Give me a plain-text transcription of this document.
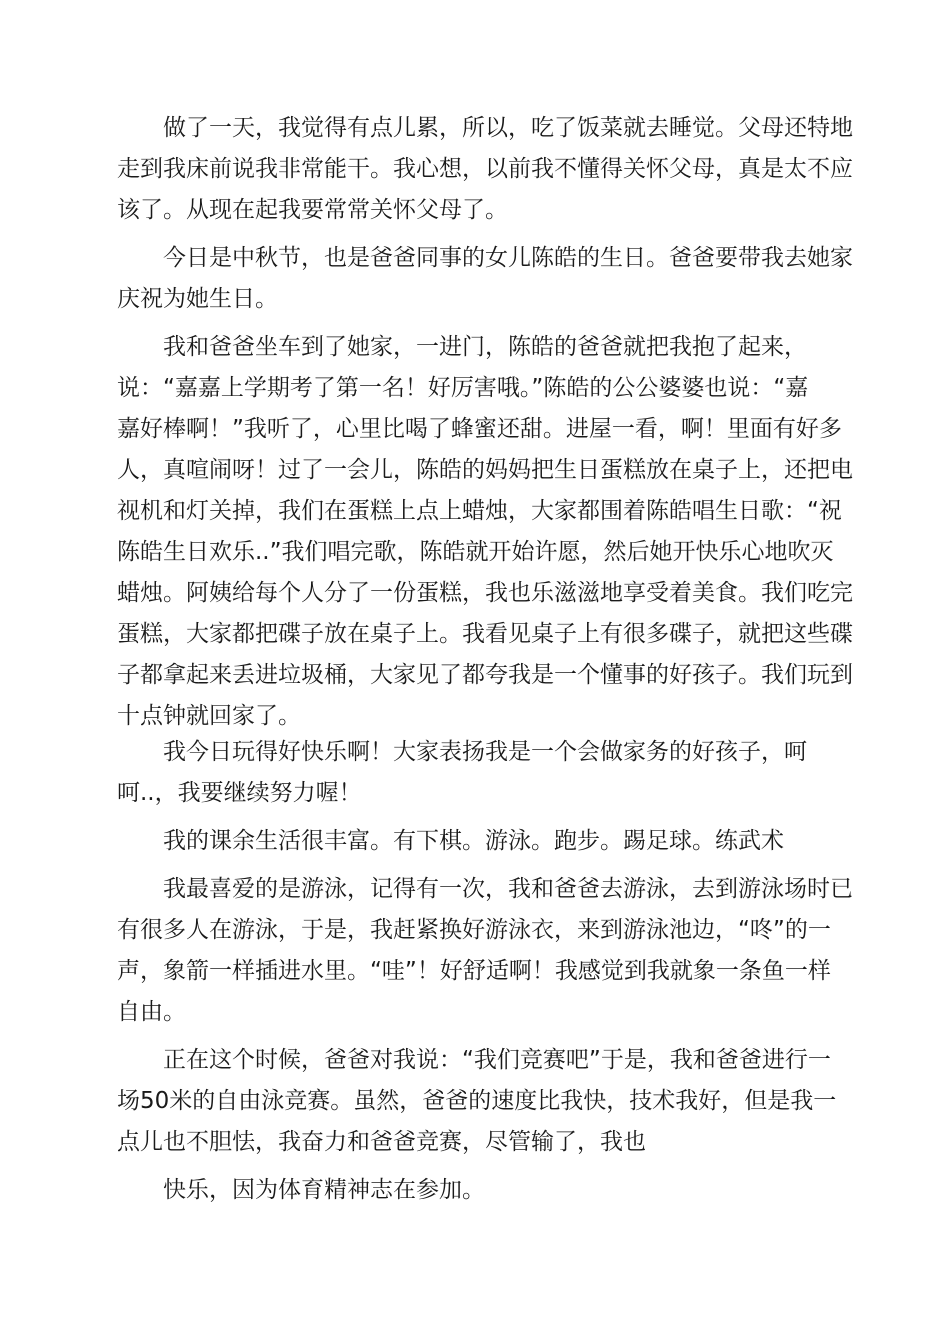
做了一天，我觉得有点儿累，所以，吃了饭菜就去睡觉。父母还特地
走到我床前说我非常能干。我心想，以前我不懂得关怀父母，真是太不应
该了。从现在起我要常常关怀父母了。

今日是中秋节，也是爸爸同事的女儿陈皓的生日。爸爸要带我去她家
庆祝为她生日。

我和爸爸坐车到了她家，一进门，陈皓的爸爸就把我抱了起来，
说：“嘉嘉上学期考了第一名！好厉害哦。”陈皓的公公婆婆也说：“嘉
嘉好棒啊！”我听了，心里比喝了蜂蜜还甜。进屋一看，啊！里面有好多
人，真喧闹呀！过了一会儿，陈皓的妈妈把生日蛋糕放在桌子上，还把电
视机和灯关掉，我们在蛋糕上点上蜡烛，大家都围着陈皓唱生日歌：“祝
陈皓生日欢乐..”我们唱完歌，陈皓就开始许愿，然后她开快乐心地吹灭
蜡烛。阿姨给每个人分了一份蛋糕，我也乐滋滋地享受着美食。我们吃完
蛋糕，大家都把碟子放在桌子上。我看见桌子上有很多碟子，就把这些碟
子都拿起来丢进垃圾桶，大家见了都夸我是一个懂事的好孩子。我们玩到
十点钟就回家了。

我今日玩得好快乐啊！大家表扬我是一个会做家务的好孩子，呵
呵..，我要继续努力喔！

我的课余生活很丰富。有下棋。游泳。跑步。踢足球。练武术

我最喜爱的是游泳，记得有一次，我和爸爸去游泳，去到游泳场时已
有很多人在游泳，于是，我赶紧换好游泳衣，来到游泳池边，“咚”的一
声，象箭一样插进水里。“哇”！好舒适啊！我感觉到我就象一条鱼一样
自由。

正在这个时候，爸爸对我说：“我们竞赛吧”于是，我和爸爸进行一
场50米的自由泳竞赛。虽然，爸爸的速度比我快，技术我好，但是我一
点儿也不胆怯，我奋力和爸爸竞赛，尽管输了，我也

快乐，因为体育精神志在参加。
